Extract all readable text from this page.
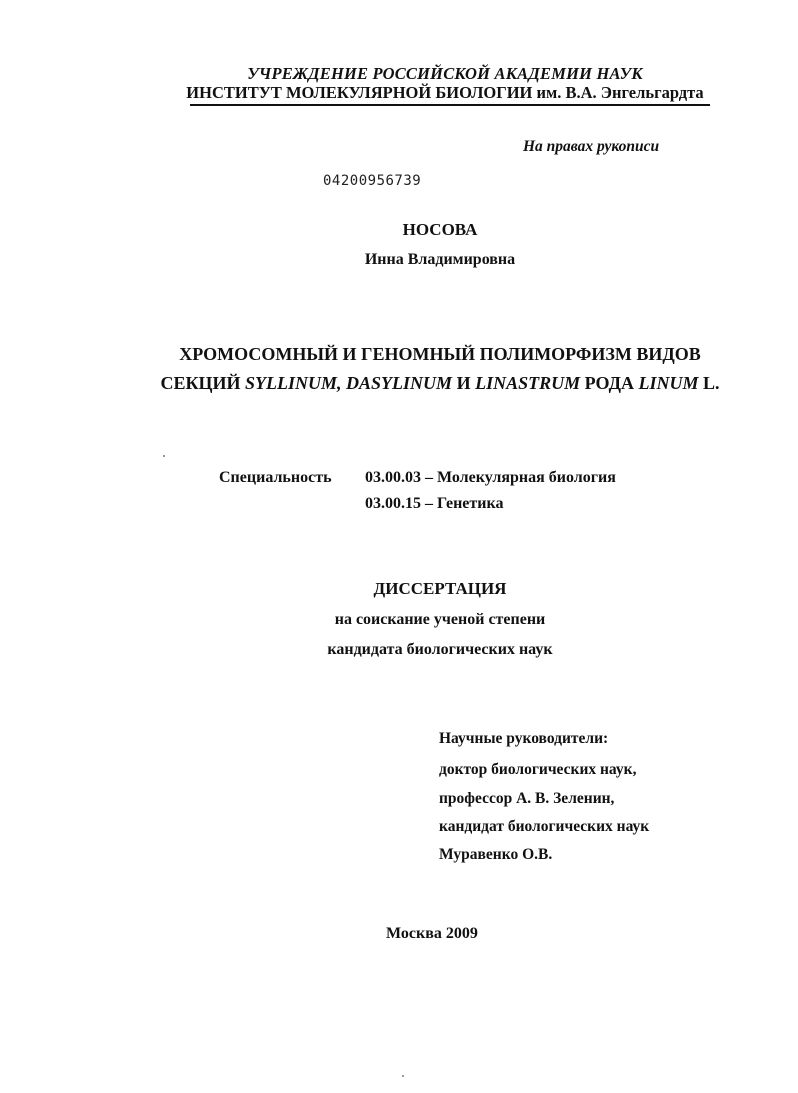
УЧРЕЖДЕНИЕ РОССИЙСКОЙ АКАДЕМИИ НАУК
ИНСТИТУТ МОЛЕКУЛЯРНОЙ БИОЛОГИИ им. В.А. Энгельгардта
На правах рукописи
04200956739
НОСОВА
Инна Владимировна
ХРОМОСОМНЫЙ И ГЕНОМНЫЙ ПОЛИМОРФИЗМ ВИДОВ
СЕКЦИЙ SYLLINUM, DASYLINUM И LINASTRUM РОДА LINUM L.
Специальность 03.00.03 – Молекулярная биология
03.00.15 – Генетика
ДИССЕРТАЦИЯ
на соискание ученой степени
кандидата биологических наук
Научные руководители:
доктор биологических наук,
профессор А. В. Зеленин,
кандидат биологических наук
Муравенко О.В.
Москва 2009
